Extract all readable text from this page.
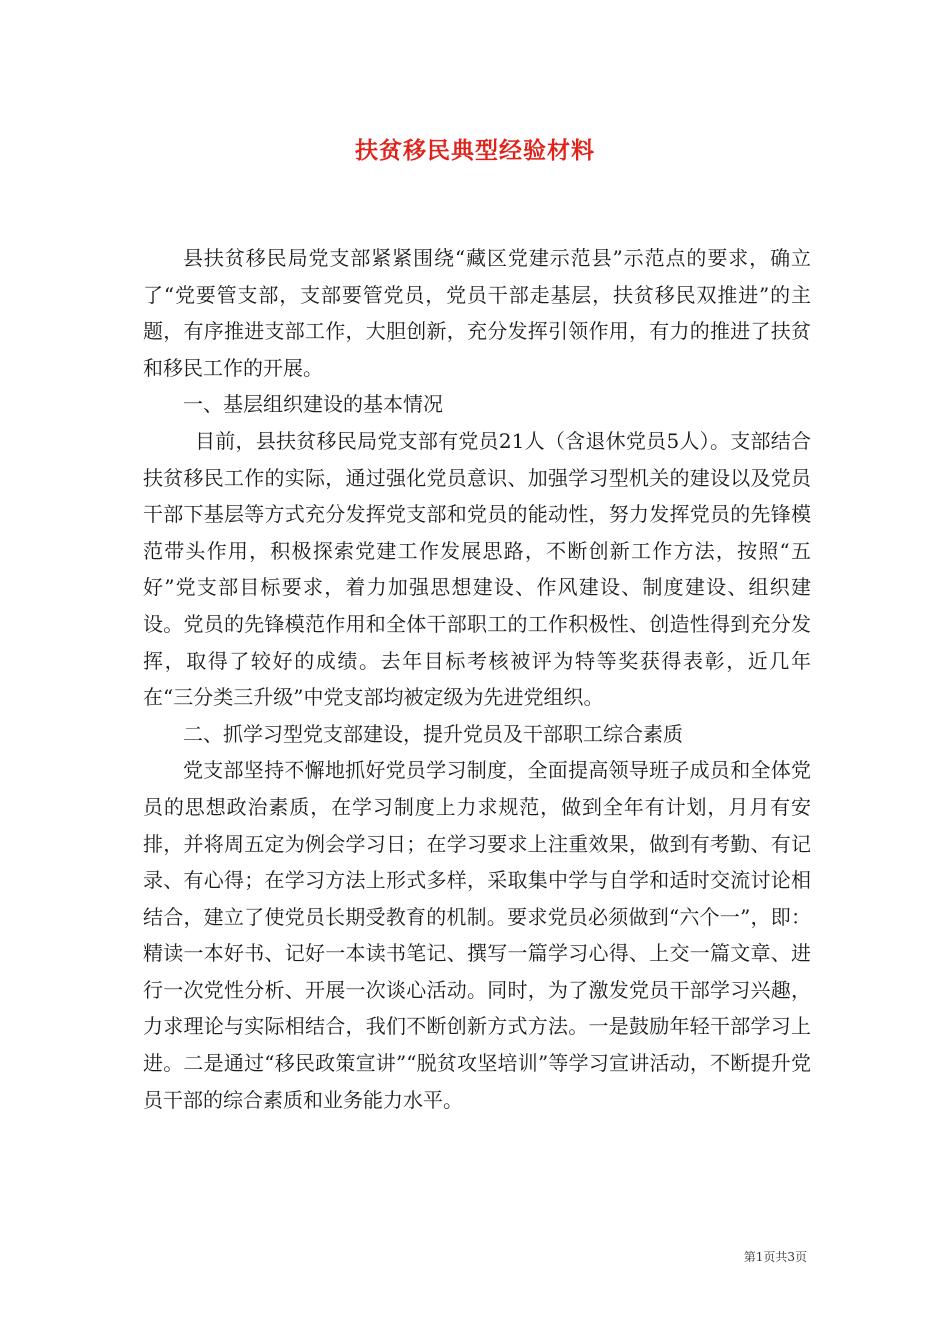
扶贫移民典型经验材料

县扶贫移民局党支部紧紧围绕“藏区党建示范县”示范点的要求，确立了“党要管支部，支部要管党员，党员干部走基层，扶贫移民双推进”的主题，有序推进支部工作，大胆创新，充分发挥引领作用，有力的推进了扶贫和移民工作的开展。

一、基层组织建设的基本情况

目前，县扶贫移民局党支部有党员21人（含退休党员5人）。支部结合扶贫移民工作的实际，通过强化党员意识、加强学习型机关的建设以及党员干部下基层等方式充分发挥党支部和党员的能动性，努力发挥党员的先锋模范带头作用，积极探索党建工作发展思路，不断创新工作方法，按照“五好”党支部目标要求，着力加强思想建设、作风建设、制度建设、组织建设。党员的先锋模范作用和全体干部职工的工作积极性、创造性得到充分发挥，取得了较好的成绩。去年目标考核被评为特等奖获得表彰，近几年在“三分类三升级”中党支部均被定级为先进党组织。

二、抓学习型党支部建设，提升党员及干部职工综合素质

党支部坚持不懈地抓好党员学习制度，全面提高领导班子成员和全体党员的思想政治素质，在学习制度上力求规范，做到全年有计划，月月有安排，并将周五定为例会学习日；在学习要求上注重效果，做到有考勤、有记录、有心得；在学习方法上形式多样，采取集中学与自学和适时交流讨论相结合，建立了使党员长期受教育的机制。要求党员必须做到“六个一”，即：精读一本好书、记好一本读书笔记、撰写一篇学习心得、上交一篇文章、进行一次党性分析、开展一次谈心活动。同时，为了激发党员干部学习兴趣，力求理论与实际相结合，我们不断创新方式方法。一是鼓励年轻干部学习上进。二是通过“移民政策宣讲”“脱贫攻坚培训”等学习宣讲活动，不断提升党员干部的综合素质和业务能力水平。

第1页共3页
